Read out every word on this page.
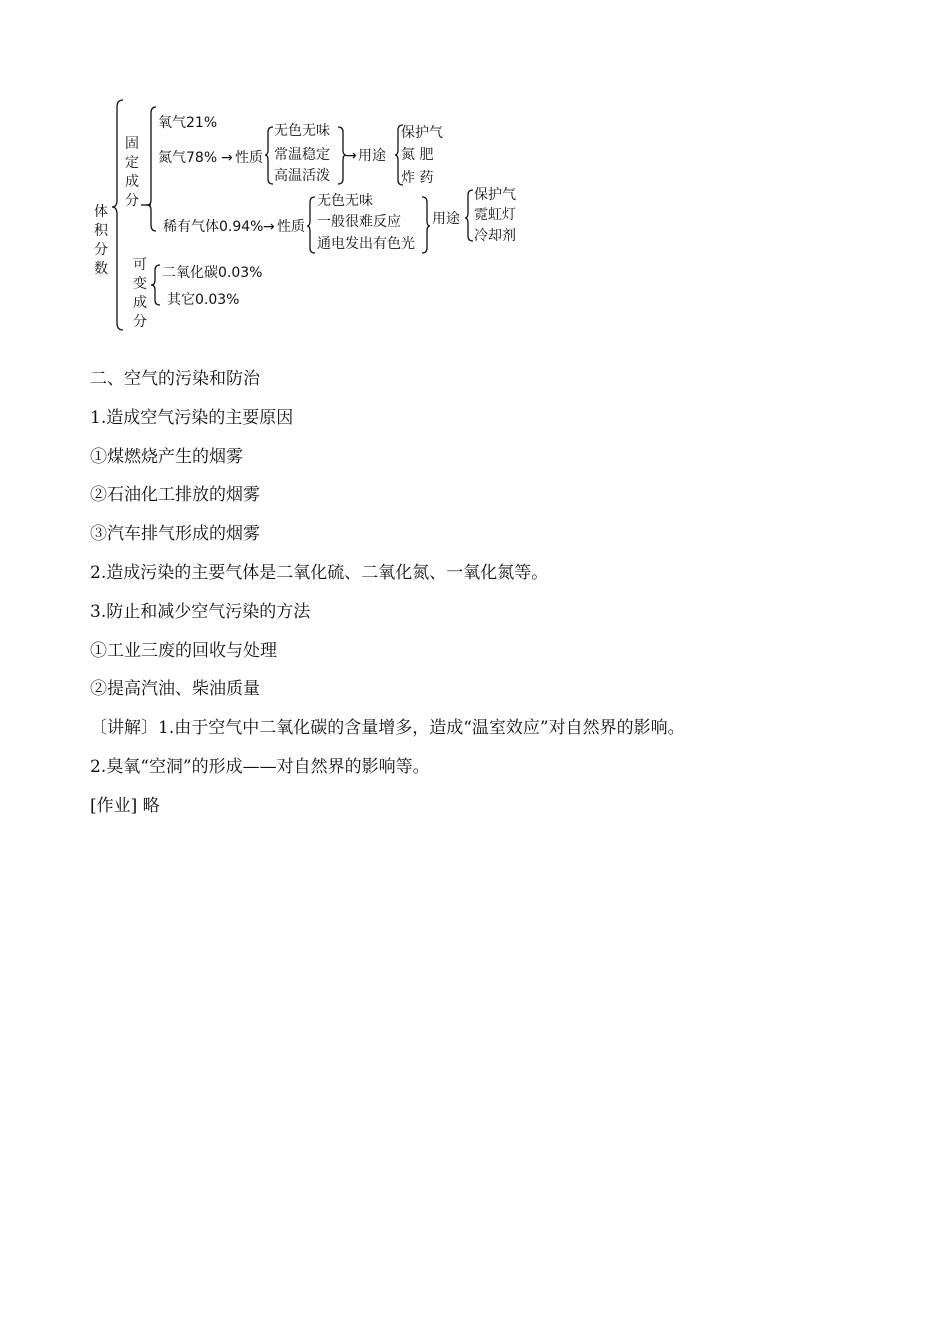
体积分数
固定成分
可变成分
氧气21%
氮气78% → 性质
无色无味
常温稳定
高温活泼
→ 用途
保护气
氮 肥
炸 药
稀有气体0.94% → 性质
无色无味
一般很难反应
通电发出有色光
用途
保护气
霓虹灯
冷却剂
二氧化碳0.03%
其它0.03%
二、空气的污染和防治
1.造成空气污染的主要原因
①煤燃烧产生的烟雾
②石油化工排放的烟雾
③汽车排气形成的烟雾
2.造成污染的主要气体是二氧化硫、二氧化氮、一氧化氮等。
3.防止和减少空气污染的方法
①工业三废的回收与处理
②提高汽油、柴油质量
〔讲解〕1.由于空气中二氧化碳的含量增多，造成“温室效应”对自然界的影响。
2.臭氧“空洞”的形成——对自然界的影响等。
[作业] 略
